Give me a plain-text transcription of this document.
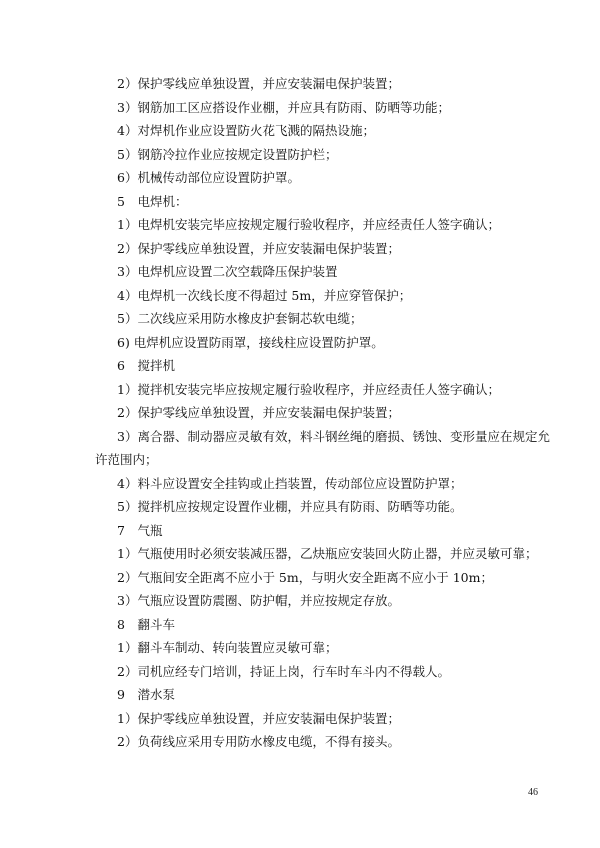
2）保护零线应单独设置，并应安装漏电保护装置；
3）钢筋加工区应搭设作业棚，并应具有防雨、防晒等功能；
4）对焊机作业应设置防火花飞溅的隔热设施；
5）钢筋冷拉作业应按规定设置防护栏；
6）机械传动部位应设置防护罩。
5　电焊机：
1）电焊机安装完毕应按规定履行验收程序，并应经责任人签字确认；
2）保护零线应单独设置，并应安装漏电保护装置；
3）电焊机应设置二次空载降压保护装置
4）电焊机一次线长度不得超过 5m，并应穿管保护；
5）二次线应采用防水橡皮护套铜芯软电缆；
6) 电焊机应设置防雨罩，接线柱应设置防护罩。
6　搅拌机
1）搅拌机安装完毕应按规定履行验收程序，并应经责任人签字确认；
2）保护零线应单独设置，并应安装漏电保护装置；
3）离合器、制动器应灵敏有效，料斗钢丝绳的磨损、锈蚀、变形量应在规定允
许范围内；
4）料斗应设置安全挂钩或止挡装置，传动部位应设置防护罩；
5）搅拌机应按规定设置作业棚，并应具有防雨、防晒等功能。
7　气瓶
1）气瓶使用时必须安装减压器，乙炔瓶应安装回火防止器，并应灵敏可靠；
2）气瓶间安全距离不应小于 5m，与明火安全距离不应小于 10m；
3）气瓶应设置防震圈、防护帽，并应按规定存放。
8　翻斗车
1）翻斗车制动、转向装置应灵敏可靠；
2）司机应经专门培训，持证上岗，行车时车斗内不得载人。
9　潜水泵
1）保护零线应单独设置，并应安装漏电保护装置；
2）负荷线应采用专用防水橡皮电缆，不得有接头。
46
